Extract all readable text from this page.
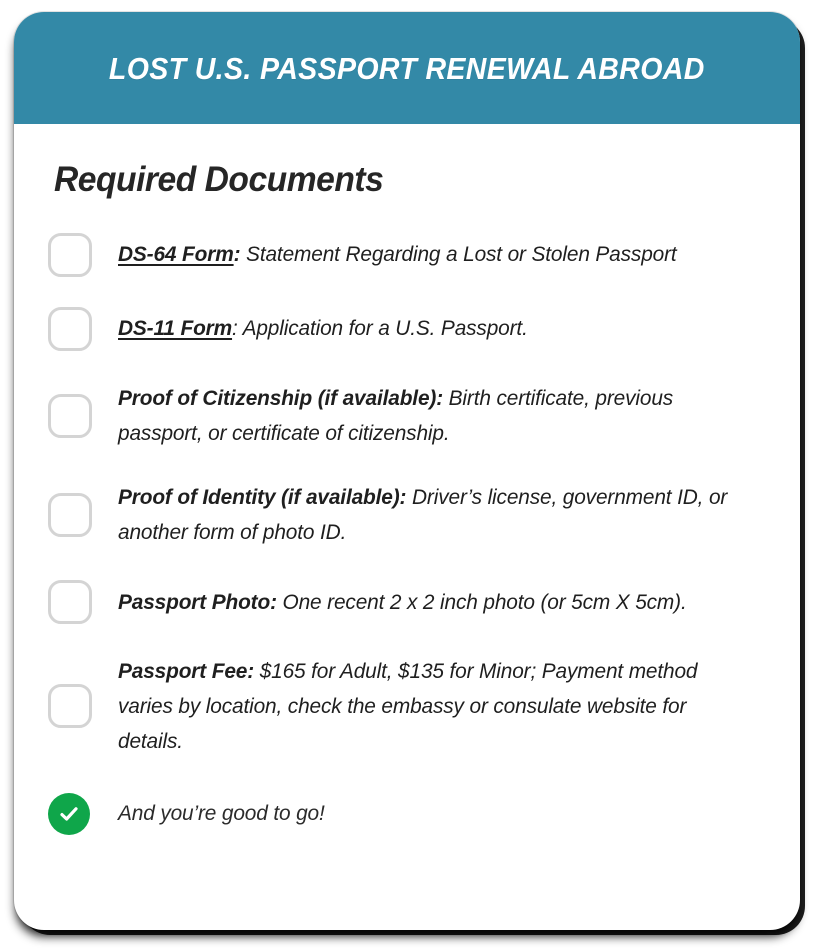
LOST U.S. PASSPORT RENEWAL ABROAD
Required Documents
DS-64 Form: Statement Regarding a Lost or Stolen Passport
DS-11 Form: Application for a U.S. Passport.
Proof of Citizenship (if available): Birth certificate, previous passport, or certificate of citizenship.
Proof of Identity (if available): Driver’s license, government ID, or another form of photo ID.
Passport Photo: One recent 2 x 2 inch photo (or 5cm X 5cm).
Passport Fee: $165 for Adult, $135 for Minor; Payment method varies by location, check the embassy or consulate website for details.
And you’re good to go!
